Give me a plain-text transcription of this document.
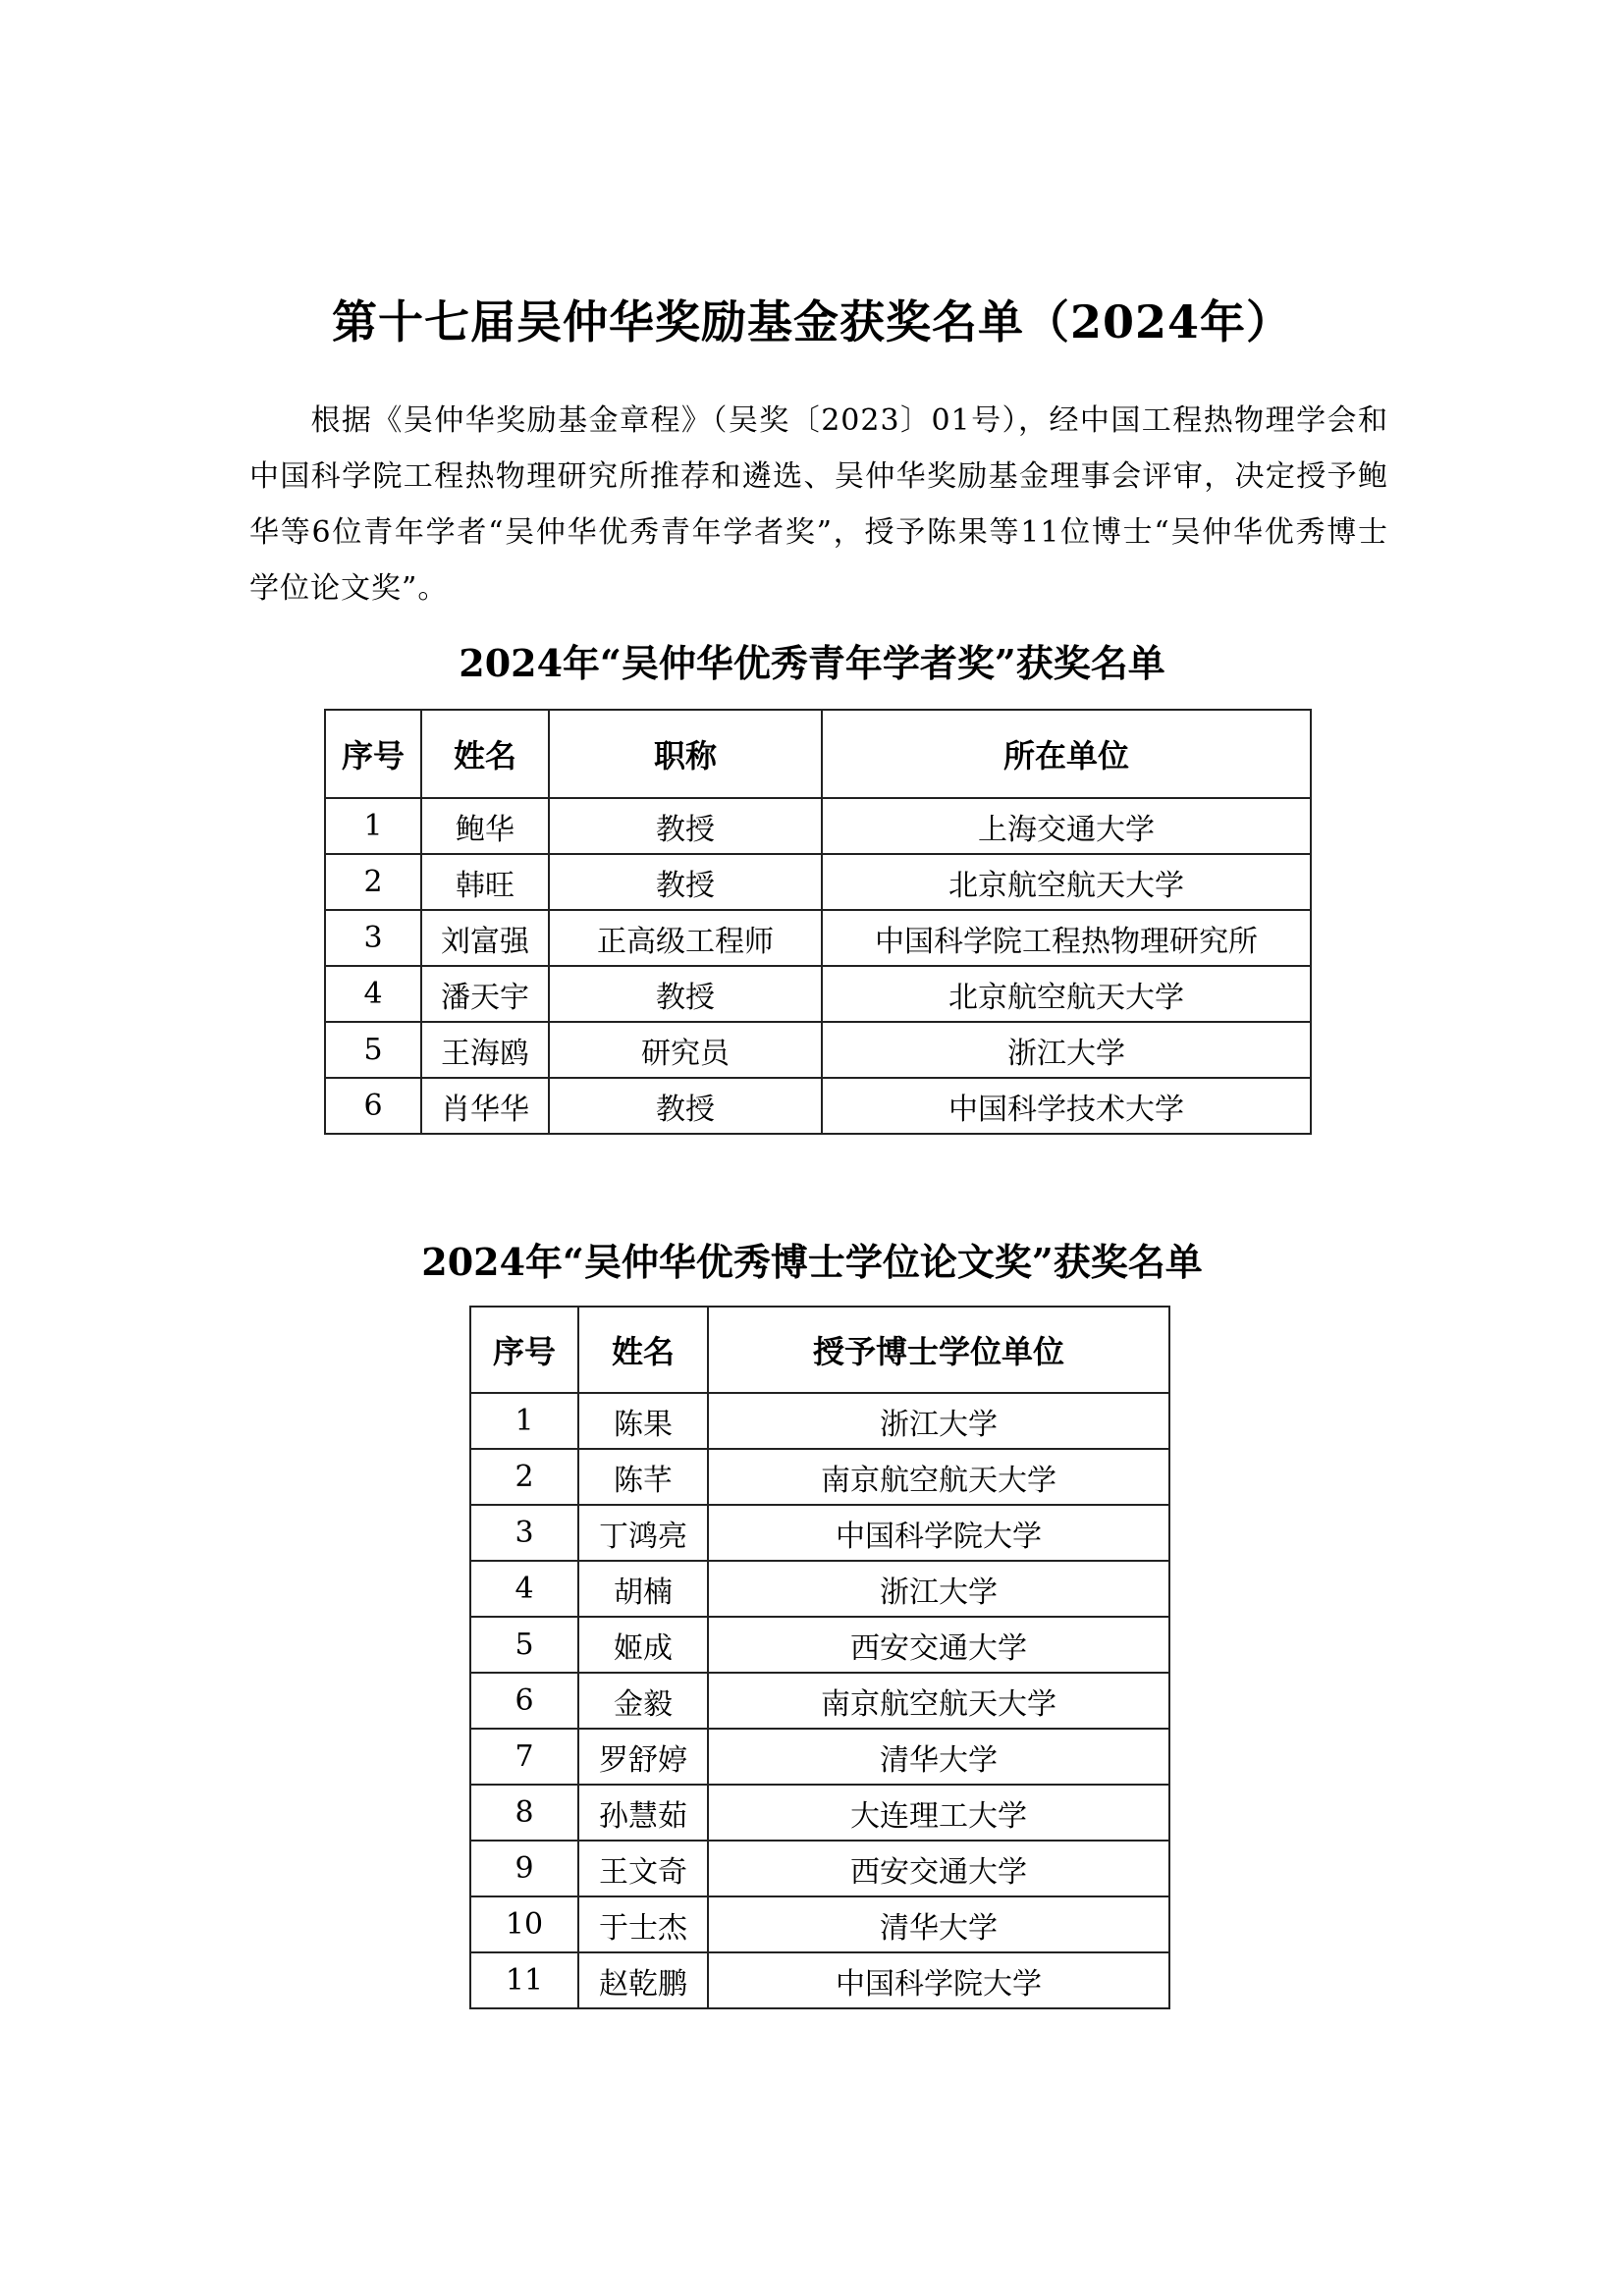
第十七届吴仲华奖励基金获奖名单（2024年）
根据《吴仲华奖励基金章程》（吴奖〔2023〕01号），经中国工程热物理学会和中国科学院工程热物理研究所推荐和遴选、吴仲华奖励基金理事会评审，决定授予鲍华等6位青年学者“吴仲华优秀青年学者奖”，授予陈果等11位博士“吴仲华优秀博士学位论文奖”。
2024年“吴仲华优秀青年学者奖”获奖名单
序号	姓名	职称	所在单位
1	鲍华	教授	上海交通大学
2	韩旺	教授	北京航空航天大学
3	刘富强	正高级工程师	中国科学院工程热物理研究所
4	潘天宇	教授	北京航空航天大学
5	王海鸥	研究员	浙江大学
6	肖华华	教授	中国科学技术大学
2024年“吴仲华优秀博士学位论文奖”获奖名单
序号	姓名	授予博士学位单位
1	陈果	浙江大学
2	陈芊	南京航空航天大学
3	丁鸿亮	中国科学院大学
4	胡楠	浙江大学
5	姬成	西安交通大学
6	金毅	南京航空航天大学
7	罗舒婷	清华大学
8	孙慧茹	大连理工大学
9	王文奇	西安交通大学
10	于士杰	清华大学
11	赵乾鹏	中国科学院大学
